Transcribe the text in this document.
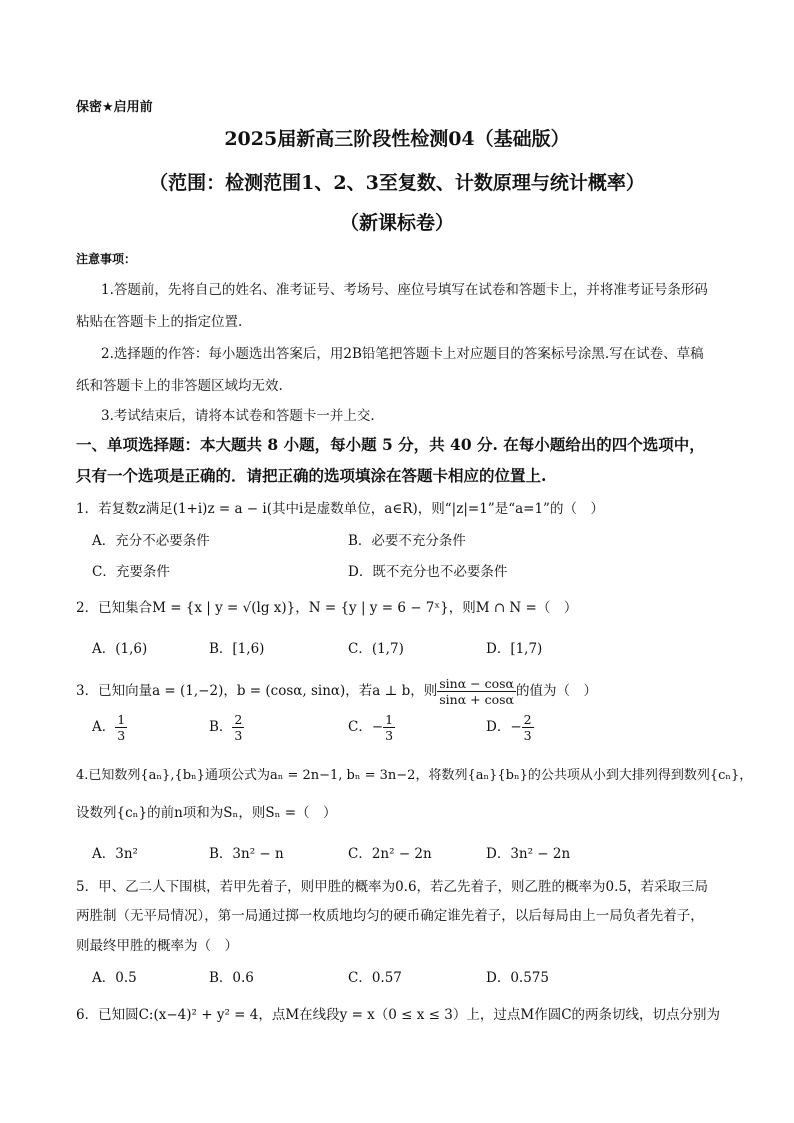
保密★启用前
2025届新高三阶段性检测04（基础版）
（范围：检测范围1、2、3至复数、计数原理与统计概率）
（新课标卷）
注意事项：
1.答题前，先将自己的姓名、准考证号、考场号、座位号填写在试卷和答题卡上，并将准考证号条形码
粘贴在答题卡上的指定位置.
2.选择题的作答：每小题选出答案后，用2B铅笔把答题卡上对应题目的答案标号涂黑.写在试卷、草稿
纸和答题卡上的非答题区域均无效.
3.考试结束后，请将本试卷和答题卡一并上交.
一、单项选择题：本大题共 8 小题，每小题 5 分，共 40 分. 在每小题给出的四个选项中，
只有一个选项是正确的．请把正确的选项填涂在答题卡相应的位置上.
1．若复数z满足(1+i)z = a − i(其中i是虚数单位，a∈R)，则“|z|=1”是“a=1”的（　）
A．充分不必要条件	B．必要不充分条件
C．充要条件	D．既不充分也不必要条件
2．已知集合M = {x | y = √(lg x)}，N = {y | y = 6 − 7ˣ}，则M ∩ N =（　）
A．(1,6)	B．[1,6)	C．(1,7)	D．[1,7)
3．已知向量a = (1,−2)，b = (cosα, sinα)，若a ⊥ b，则 $\frac{\sin\alpha - \cos\alpha}{\sin\alpha + \cos\alpha}$ 的值为（　）
A． $\frac{1}{3}$	B． $\frac{2}{3}$	C．− $\frac{1}{3}$	D．− $\frac{2}{3}$
4.已知数列{aₙ},{bₙ}通项公式为aₙ = 2n−1, bₙ = 3n−2，将数列{aₙ}{bₙ}的公共项从小到大排列得到数列{cₙ}，
设数列{cₙ}的前n项和为Sₙ，则Sₙ =（　）
A．3n²	B．3n² − n	C．2n² − 2n	D．3n² − 2n
5．甲、乙二人下围棋，若甲先着子，则甲胜的概率为0.6，若乙先着子，则乙胜的概率为0.5，若采取三局
两胜制（无平局情况），第一局通过掷一枚质地均匀的硬币确定谁先着子，以后每局由上一局负者先着子，
则最终甲胜的概率为（　）
A．0.5	B．0.6	C．0.57	D．0.575
6．已知圆C:(x−4)² + y² = 4，点M在线段y = x（0 ≤ x ≤ 3）上，过点M作圆C的两条切线，切点分别为
